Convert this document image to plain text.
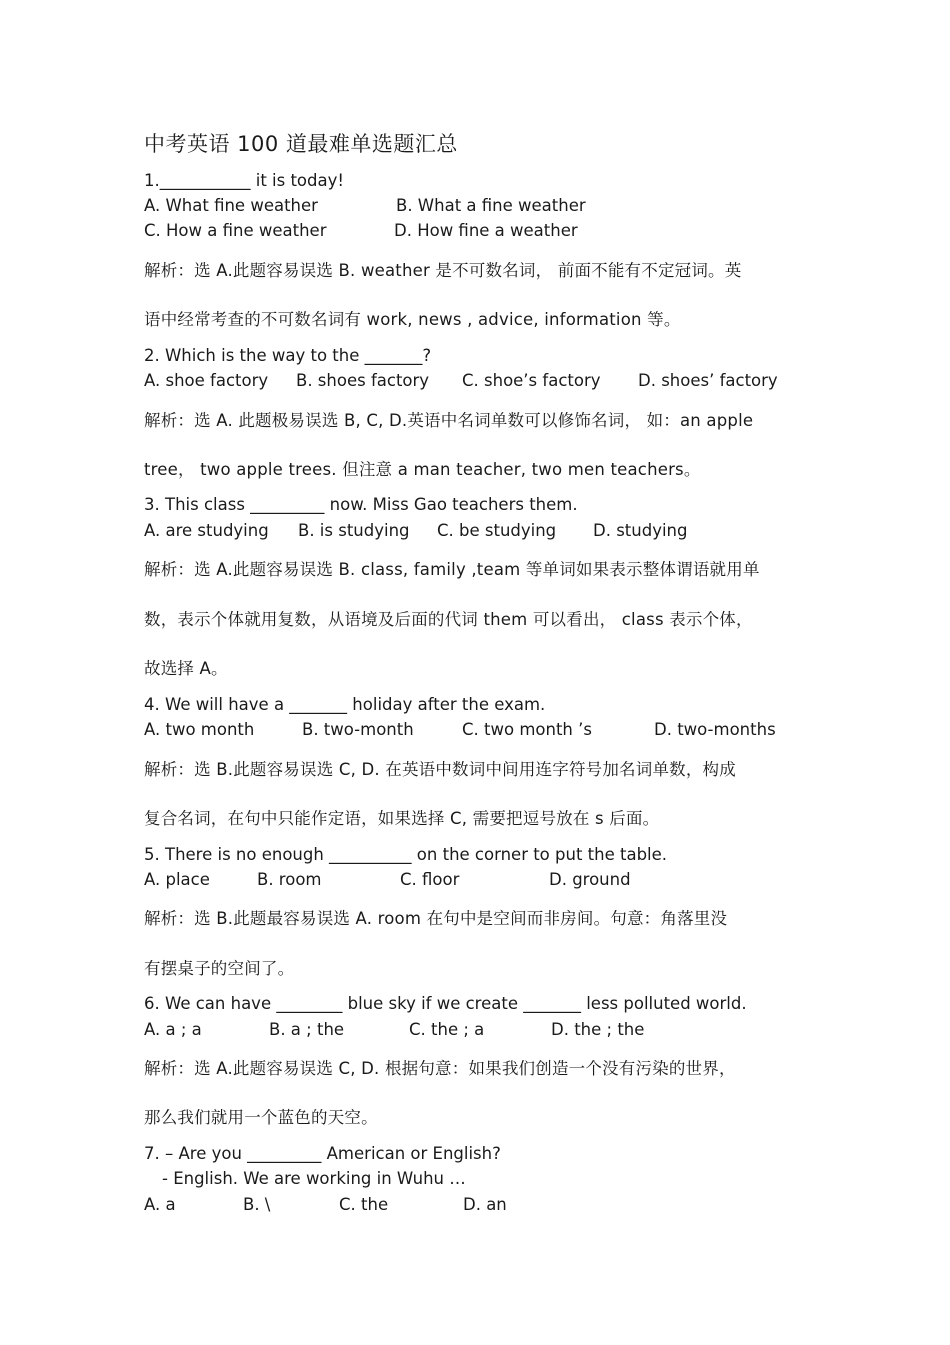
中考英语 100 道最难单选题汇总
1.___________ it is today!
A. What fine weather	B. What a fine weather
C. How a fine weather	D. How fine a weather
解析：选 A.此题容易误选 B. weather 是不可数名词， 前面不能有不定冠词。英
语中经常考查的不可数名词有 work, news , advice, information 等。
2. Which is the way to the _______?
A. shoe factory B. shoes factory C. shoe’s factory D. shoes’ factory
解析：选 A. 此题极易误选 B, C, D.英语中名词单数可以修饰名词， 如：an apple
tree， two apple trees. 但注意 a man teacher, two men teachers。
3. This class _________ now. Miss Gao teachers them.
A. are studying B. is studying C. be studying D. studying
解析：选 A.此题容易误选 B. class, family ,team 等单词如果表示整体谓语就用单
数，表示个体就用复数，从语境及后面的代词 them 可以看出， class 表示个体，
故选择 A。
4. We will have a _______ holiday after the exam.
A. two month	B. two-month	C. two month ’s	D. two-months
解析：选 B.此题容易误选 C, D. 在英语中数词中间用连字符号加名词单数，构成
复合名词，在句中只能作定语，如果选择 C, 需要把逗号放在 s 后面。
5. There is no enough __________ on the corner to put the table.
A. place	B. room	C. floor	D. ground
解析：选 B.此题最容易误选 A. room 在句中是空间而非房间。句意：角落里没
有摆桌子的空间了。
6. We can have ________ blue sky if we create _______ less polluted world.
A. a ; a	B. a ; the	C. the ; a	D. the ; the
解析：选 A.此题容易误选 C, D. 根据句意：如果我们创造一个没有污染的世界，
那么我们就用一个蓝色的天空。
7. – Are you _________ American or English?
- English. We are working in Wuhu …
A. a	B. \	C. the	D. an
